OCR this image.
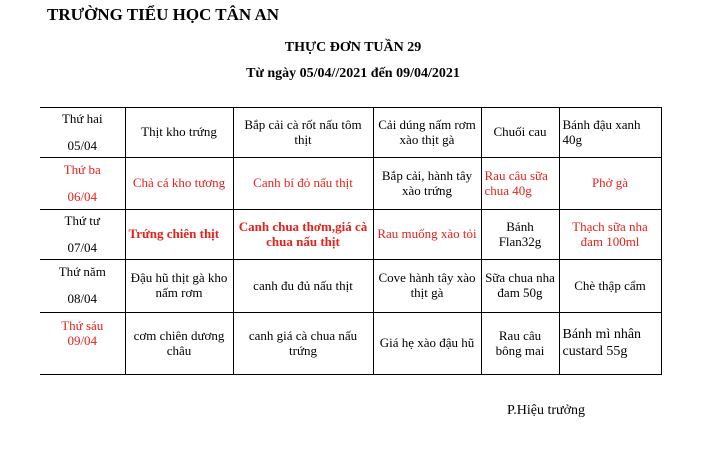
TRƯỜNG TIỂU HỌC TÂN AN
THỰC ĐƠN TUẦN 29
Từ ngày 05/04//2021 đến 09/04/2021
Thứ hai
05/04	Thịt kho trứng	Bắp cải cà rốt nấu tôm thịt	Cải dúng nấm rơm xào thịt gà	Chuối cau	Bánh đậu xanh 40g

Thứ ba
06/04	Chả cá kho tương	Canh bí đỏ nấu thịt	Bắp cải, hành tây xào trứng	Rau câu sữa chua 40g	Phở gà

Thứ tư
07/04	Trứng chiên thịt	Canh chua thơm,giá cà chua nấu thịt	Rau muống xào tỏi	Bánh Flan32g	Thạch sữa nha đam 100ml

Thứ năm
08/04	Đậu hũ thịt gà kho nấm rơm	canh đu đủ nấu thịt	Cove hành tây xào thịt gà	Sữa chua nha đam 50g	Chè thập cẩm

Thứ sáu
09/04	cơm chiên dương châu	canh giá cà chua nấu trứng	Giá hẹ xào đậu hũ	Rau câu bông mai	Bánh mì nhân custard 55g
P.Hiệu trưởng
